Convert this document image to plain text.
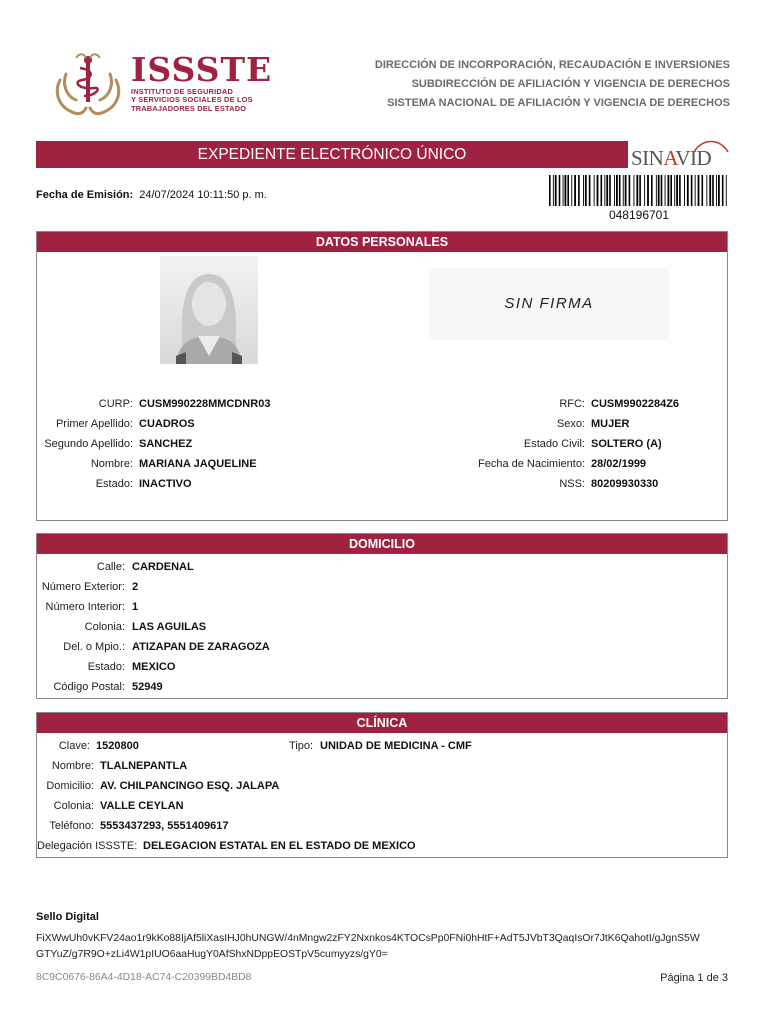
ISSSTE
INSTITUTO DE SEGURIDAD
Y SERVICIOS SOCIALES DE LOS
TRABAJADORES DEL ESTADO
DIRECCIÓN DE INCORPORACIÓN, RECAUDACIÓN E INVERSIONES
SUBDIRECCIÓN DE AFILIACIÓN Y VIGENCIA DE DERECHOS
SISTEMA NACIONAL DE AFILIACIÓN Y VIGENCIA DE DERECHOS
EXPEDIENTE ELECTRÓNICO ÚNICO	SINAVID
Fecha de Emisión: 24/07/2024 10:11:50 p. m.
048196701
DATOS PERSONALES
SIN FIRMA
CURP: CUSM990228MMCDNR03
Primer Apellido: CUADROS
Segundo Apellido: SANCHEZ
Nombre: MARIANA JAQUELINE
Estado: INACTIVO
RFC: CUSM9902284Z6
Sexo: MUJER
Estado Civil: SOLTERO (A)
Fecha de Nacimiento: 28/02/1999
NSS: 80209930330
DOMICILIO
Calle: CARDENAL
Número Exterior: 2
Número Interior: 1
Colonia: LAS AGUILAS
Del. o Mpio.: ATIZAPAN DE ZARAGOZA
Estado: MEXICO
Código Postal: 52949
CLÍNICA
Clave: 1520800	Tipo: UNIDAD DE MEDICINA - CMF
Nombre: TLALNEPANTLA
Domicilio: AV. CHILPANCINGO ESQ. JALAPA
Colonia: VALLE CEYLAN
Teléfono: 5553437293, 5551409617
Delegación ISSSTE: DELEGACION ESTATAL EN EL ESTADO DE MEXICO
Sello Digital
FiXWwUh0vKFV24ao1r9kKo88IjAf5liXasIHJ0hUNGW/4nMngw2zFY2Nxnkos4KTOCsPp0FNi0hHtF+AdT5JVbT3QaqIsOr7JtK6QahotI/gJgnS5W
GTYuZ/g7R9O+zLi4W1pIUO6aaHugY0AfShxNDppEOSTpV5cumyyzs/gY0=
8C9C0676-86A4-4D18-AC74-C20399BD4BD8	Página 1 de 3
